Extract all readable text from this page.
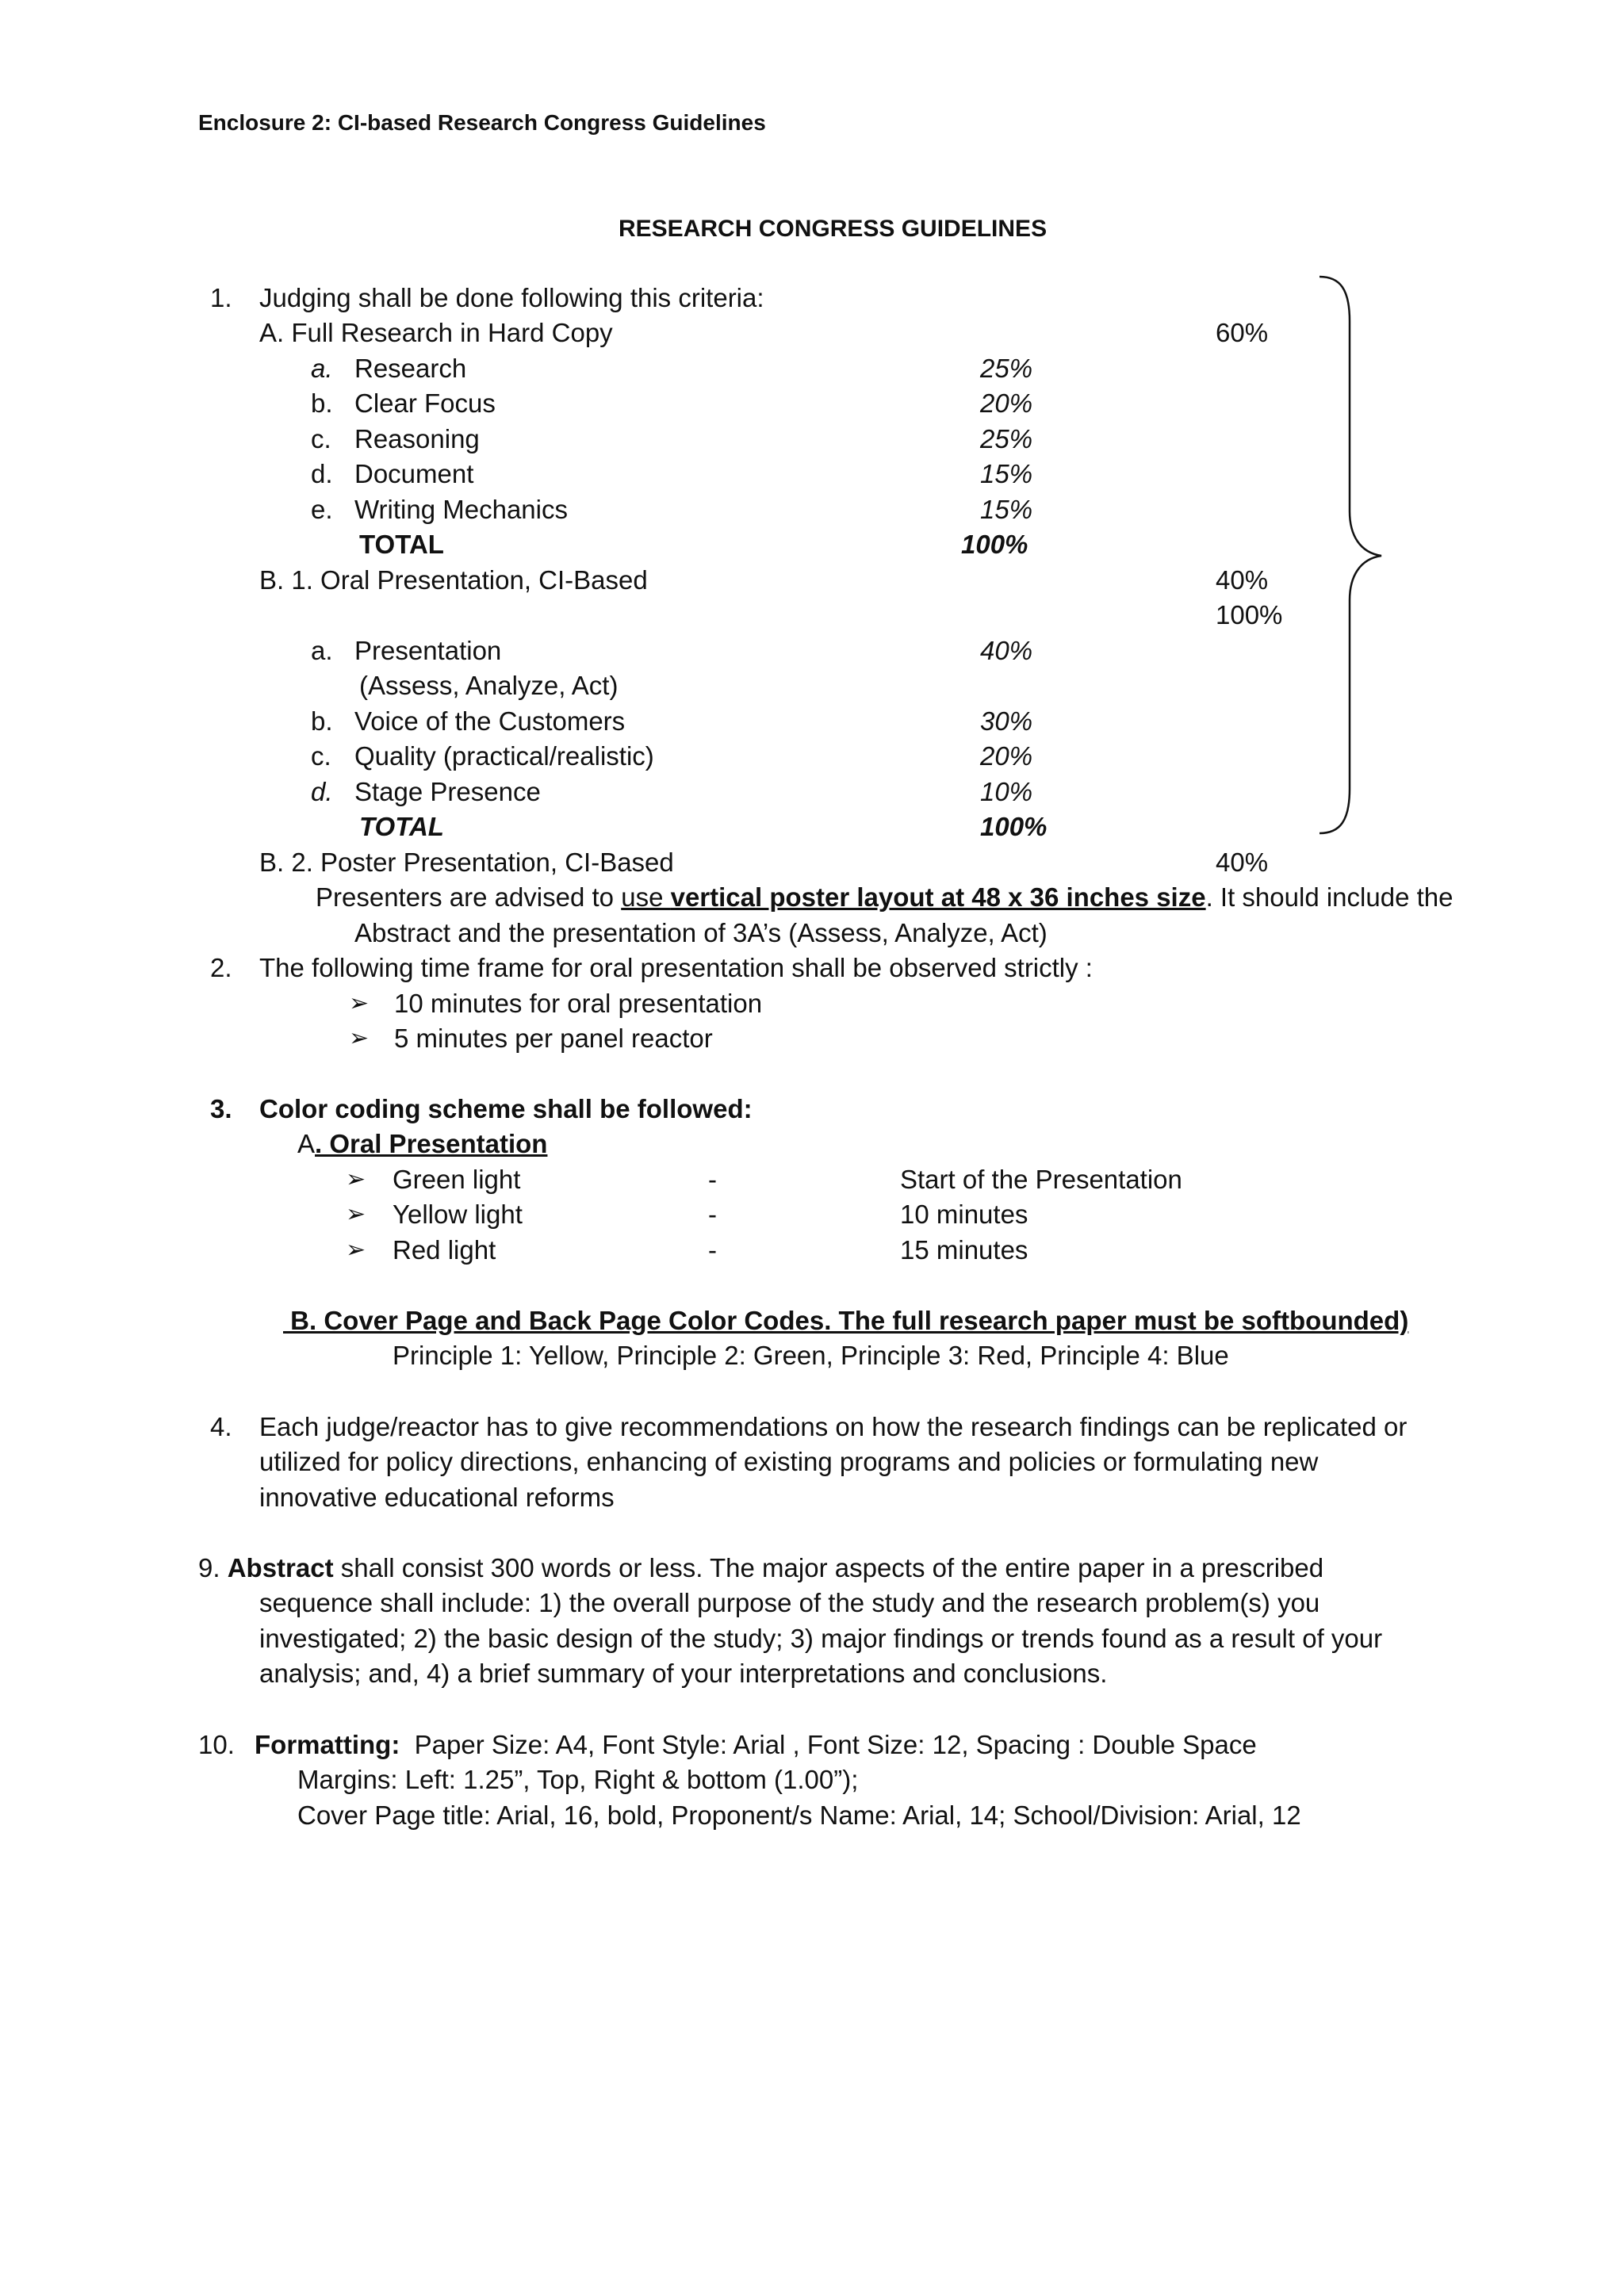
Enclosure 2: CI-based Research Congress Guidelines
RESEARCH CONGRESS GUIDELINES
1. Judging shall be done following this criteria:
A. Full Research in Hard Copy	60%
a. Research	25%
b. Clear Focus	20%
c. Reasoning	25%
d. Document	15%
e. Writing Mechanics	15%
TOTAL	100%
B. 1. Oral Presentation, CI-Based	40%
100%
a. Presentation	40%
(Assess, Analyze, Act)
b. Voice of the Customers	30%
c. Quality (practical/realistic)	20%
d. Stage Presence	10%
TOTAL	100%
B. 2. Poster Presentation, CI-Based	40%
Presenters are advised to use vertical poster layout at 48 x 36 inches size. It should include the
Abstract and the presentation of 3A’s (Assess, Analyze, Act)
2. The following time frame for oral presentation shall be observed strictly :
➢ 10 minutes for oral presentation
➢ 5 minutes per panel reactor
3. Color coding scheme shall be followed:
A. Oral Presentation
➢ Green light	-	Start of the Presentation
➢ Yellow light	-	10 minutes
➢ Red light	-	15 minutes
B. Cover Page and Back Page Color Codes. The full research paper must be softbounded)
Principle 1: Yellow, Principle 2: Green, Principle 3: Red, Principle 4: Blue
4. Each judge/reactor has to give recommendations on how the research findings can be replicated or
utilized for policy directions, enhancing of existing programs and policies or formulating new
innovative educational reforms
9. Abstract shall consist 300 words or less. The major aspects of the entire paper in a prescribed
sequence shall include: 1) the overall purpose of the study and the research problem(s) you
investigated; 2) the basic design of the study; 3) major findings or trends found as a result of your
analysis; and, 4) a brief summary of your interpretations and conclusions.
10. Formatting:  Paper Size: A4, Font Style: Arial , Font Size: 12, Spacing : Double Space
Margins: Left: 1.25”, Top, Right & bottom (1.00”);
Cover Page title: Arial, 16, bold, Proponent/s Name: Arial, 14; School/Division: Arial, 12
